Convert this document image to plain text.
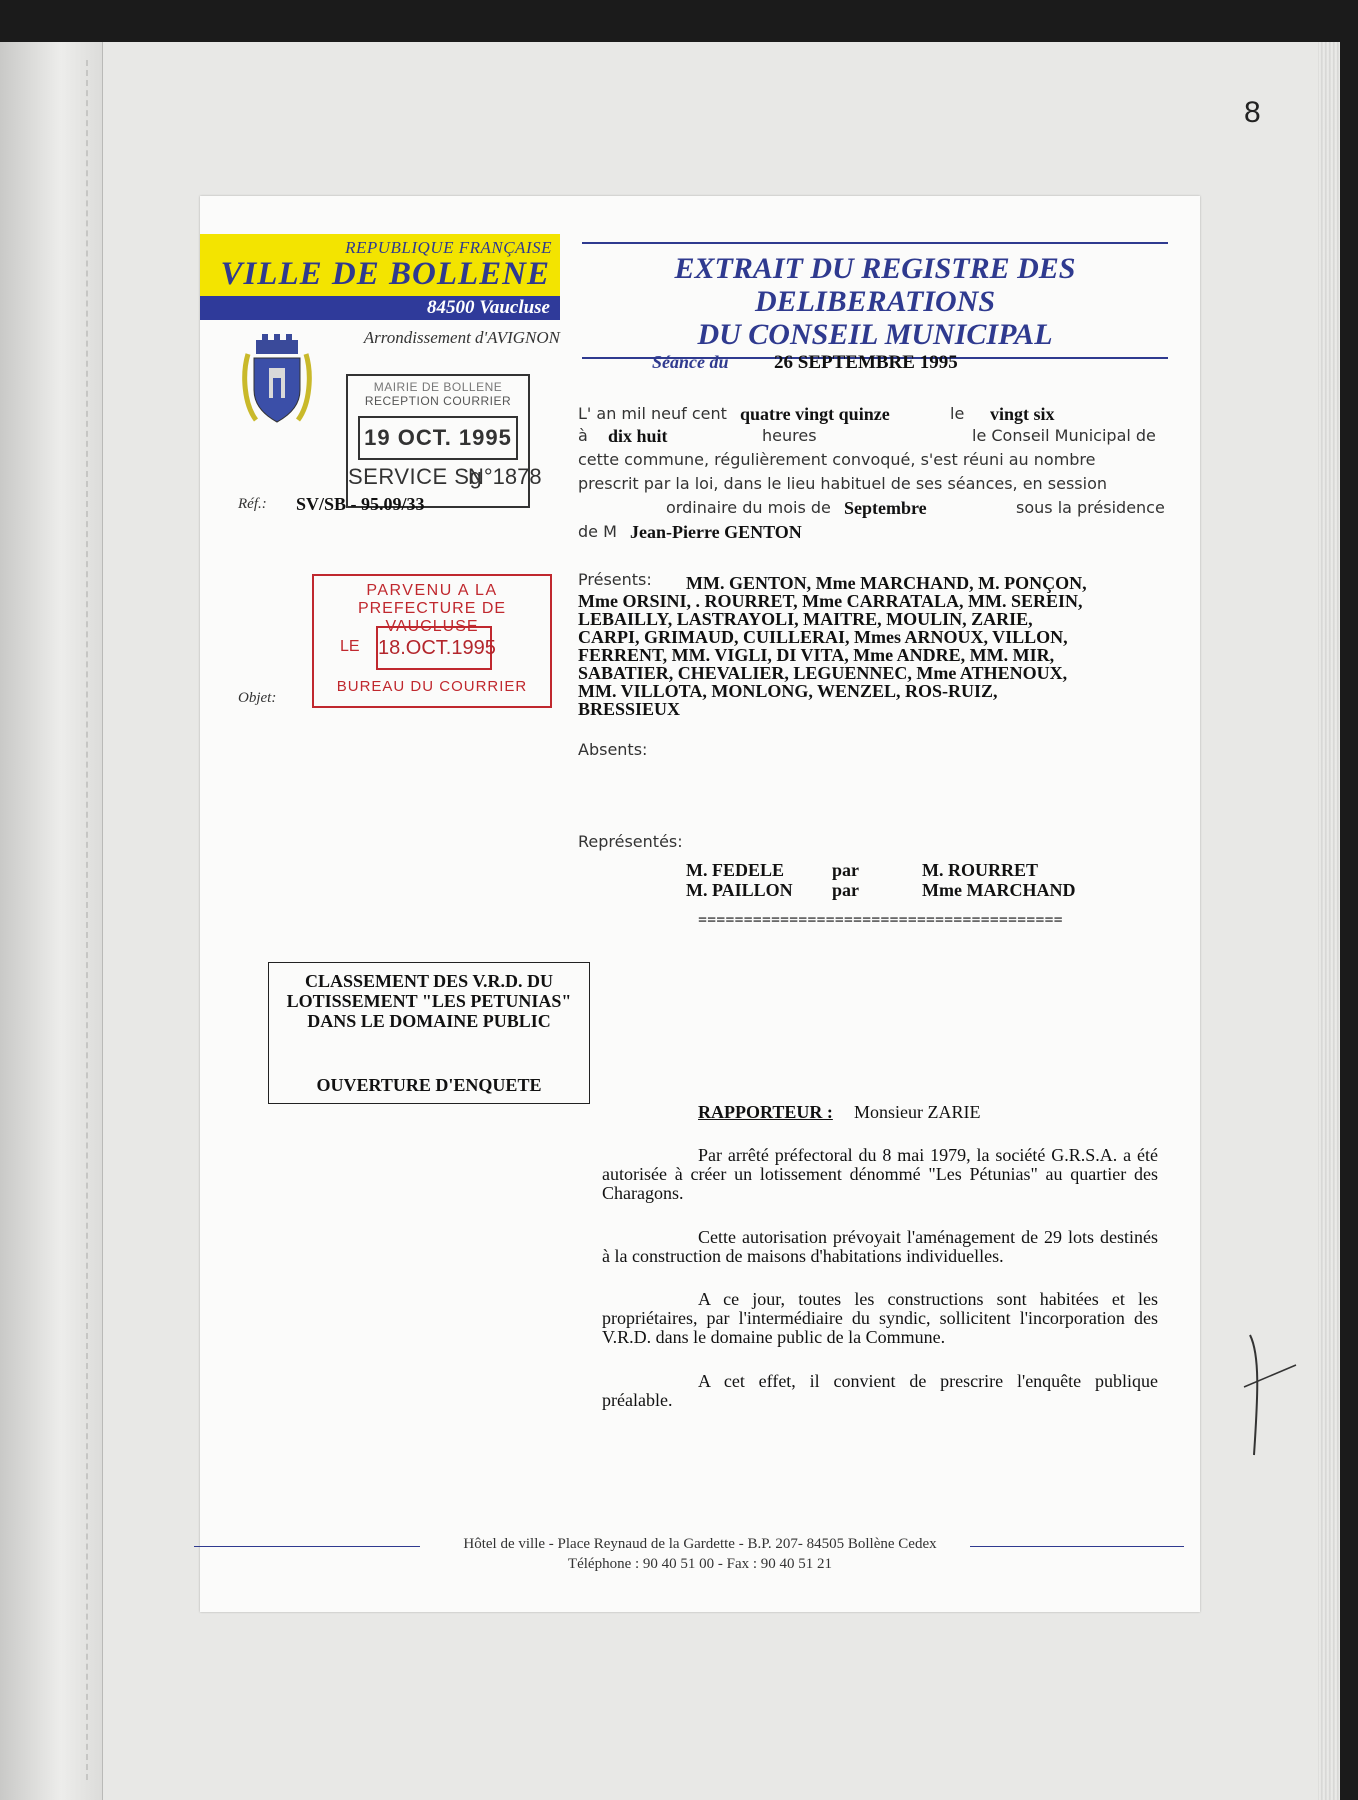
8
REPUBLIQUE FRANÇAISE
VILLE DE BOLLENE
84500 Vaucluse
Arrondissement d'AVIGNON
EXTRAIT DU REGISTRE DES DELIBERATIONS
DU CONSEIL MUNICIPAL
Séance du 26 SEPTEMBRE 1995
MAIRIE DE BOLLENE
RECEPTION COURRIER
19 OCT. 1995
SERVICE Sg
N°1878
Réf.: SV/SB - 95.09/33
PARVENU A LA
PREFECTURE DE VAUCLUSE
LE 18.OCT.1995
BUREAU DU COURRIER
Objet:
L' an mil neuf cent quatre vingt quinze	le vingt six
à dix huit	heures	le Conseil Municipal de
cette commune, régulièrement convoqué, s'est réuni au nombre
prescrit par la loi, dans le lieu habituel de ses séances, en session
ordinaire du mois de Septembre	sous la présidence
de M Jean-Pierre GENTON
Présents:	MM. GENTON, Mme MARCHAND, M. PONÇON, Mme ORSINI, . ROURRET, Mme CARRATALA, MM. SEREIN, LEBAILLY, LASTRAYOLI, MAITRE, MOULIN, ZARIE, CARPI, GRIMAUD, CUILLERAI, Mmes ARNOUX, VILLON, FERRENT, MM. VIGLI, DI VITA, Mme ANDRE, MM. MIR, SABATIER, CHEVALIER, LEGUENNEC, Mme ATHENOUX, MM. VILLOTA, MONLONG, WENZEL, ROS-RUIZ, BRESSIEUX
Absents:
Représentés:
M. FEDELE	par	M. ROURRET
M. PAILLON par	Mme MARCHAND
========================================
CLASSEMENT DES V.R.D. DU LOTISSEMENT "LES PETUNIAS" DANS LE DOMAINE PUBLIC
OUVERTURE D'ENQUETE
RAPPORTEUR : Monsieur ZARIE
Par arrêté préfectoral du 8 mai 1979, la société G.R.S.A. a été autorisée à créer un lotissement dénommé "Les Pétunias" au quartier des Charagons.
Cette autorisation prévoyait l'aménagement de 29 lots destinés à la construction de maisons d'habitations individuelles.
A ce jour, toutes les constructions sont habitées et les propriétaires, par l'intermédiaire du syndic, sollicitent l'incorporation des V.R.D. dans le domaine public de la Commune.
A cet effet, il convient de prescrire l'enquête publique préalable.
Hôtel de ville - Place Reynaud de la Gardette - B.P. 207- 84505 Bollène Cedex
Téléphone : 90 40 51 00 - Fax : 90 40 51 21
